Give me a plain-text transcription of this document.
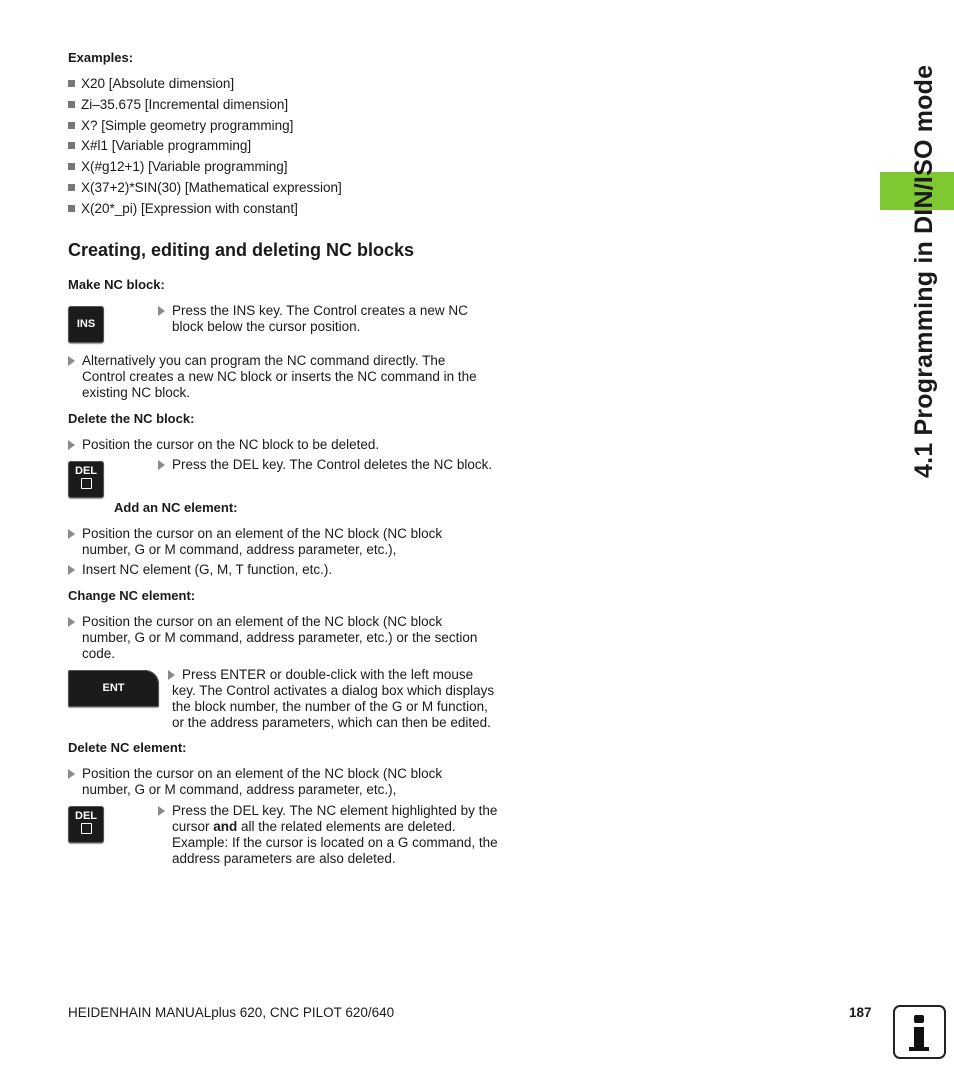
Examples:
X20 [Absolute dimension]
Zi–35.675 [Incremental dimension]
X? [Simple geometry programming]
X#l1 [Variable programming]
X(#g12+1) [Variable programming]
X(37+2)*SIN(30) [Mathematical expression]
X(20*_pi) [Expression with constant]
Creating, editing and deleting NC blocks
Make NC block:
INS
Press the INS key. The Control creates a new NC
block below the cursor position.
Alternatively you can program the NC command directly. The
Control creates a new NC block or inserts the NC command in the
existing NC block.
Delete the NC block:
Position the cursor on the NC block to be deleted.
DEL	Press the DEL key. The Control deletes the NC block.
Add an NC element:
Position the cursor on an element of the NC block (NC block
number, G or M command, address parameter, etc.),
Insert NC element (G, M, T function, etc.).
Change NC element:
Position the cursor on an element of the NC block (NC block
number, G or M command, address parameter, etc.) or the section
code.
ENT
Press ENTER or double-click with the left mouse
key. The Control activates a dialog box which displays
the block number, the number of the G or M function,
or the address parameters, which can then be edited.
Delete NC element:
Position the cursor on an element of the NC block (NC block
number, G or M command, address parameter, etc.),
DEL	Press the DEL key. The NC element highlighted by the
cursor and all the related elements are deleted.
Example: If the cursor is located on a G command, the
address parameters are also deleted.
4.1 Programming in DIN/ISO mode
HEIDENHAIN MANUALplus 620, CNC PILOT 620/640	187
